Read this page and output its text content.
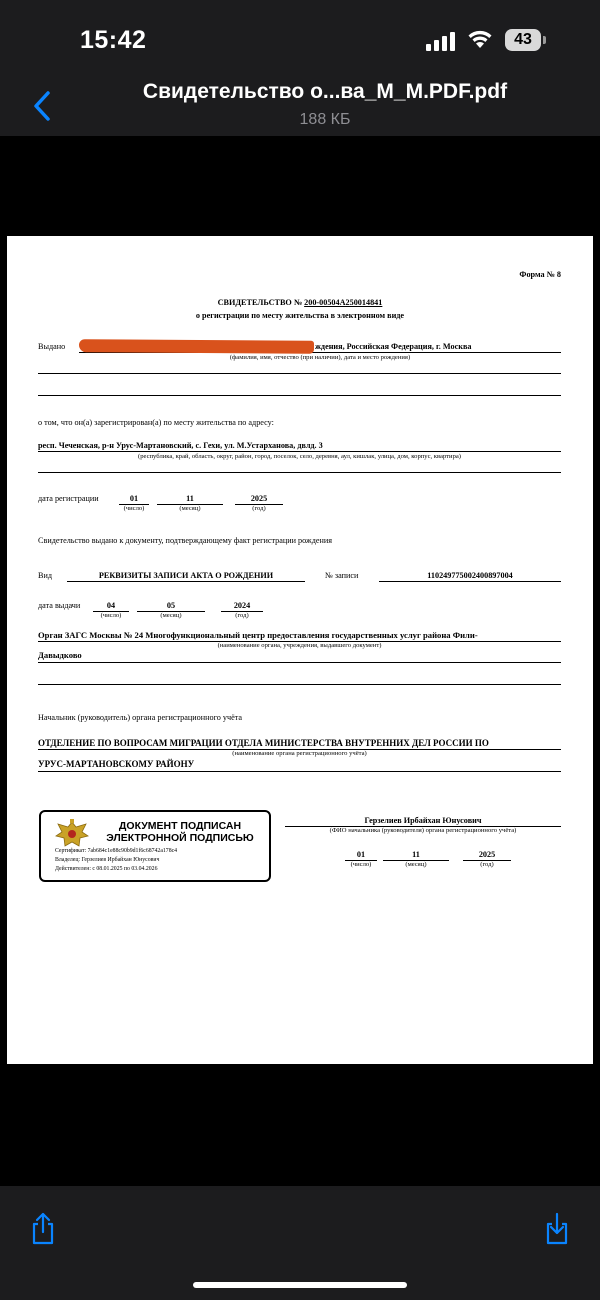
15:42	43
Свидетельство о...ва_М_М.PDF.pdf
188 КБ
Форма № 8
СВИДЕТЕЛЬСТВО № 200-00504A250014841
о регистрации по месту жительства в электронном виде
Выдано	ждения, Российская Федерация, г. Москва
(фамилия, имя, отчество (при наличии), дата и место рождения)
о том, что он(а) зарегистрирован(а) по месту жительства по адресу:
респ. Чеченская, р-н Урус-Мартановский, с. Гехи, ул. М.Устарханова, двлд. 3
(республика, край, область, округ, район, город, поселок, село, деревня, аул, кишлак, улица, дом, корпус, квартира)
дата регистрации	01
(число)
11
(месяц)
2025
(год)
Свидетельство выдано к документу, подтверждающему факт регистрации рождения
Вид	РЕКВИЗИТЫ ЗАПИСИ АКТА О РОЖДЕНИИ	№ записи	110249775002400897004
дата выдачи	04
(число)
05
(месяц)
2024
(год)
Орган ЗАГС Москвы № 24 Многофункциональный центр предоставления государственных услуг района Фили-
(наименование органа, учреждения, выдавшего документ)
Давыдково
Начальник (руководитель) органа регистрационного учёта
ОТДЕЛЕНИЕ ПО ВОПРОСАМ МИГРАЦИИ ОТДЕЛА МИНИСТЕРСТВА ВНУТРЕННИХ ДЕЛ РОССИИ ПО
(наименование органа регистрационного учёта)
УРУС-МАРТАНОВСКОМУ РАЙОНУ
ДОКУМЕНТ ПОДПИСАН
ЭЛЕКТРОННОЙ ПОДПИСЬЮ
Сертификат: 7ab684c1e88c90b9d1f6c68742a178c4
Владелец: Герзелиев Ирбайхан Юнусович
Действителен: с 08.01.2025 по 03.04.2026
Герзелиев Ирбайхан Юнусович
(ФИО начальника (руководителя) органа регистрационного учёта)
01
(число)
11
(месяц)
2025
(год)
